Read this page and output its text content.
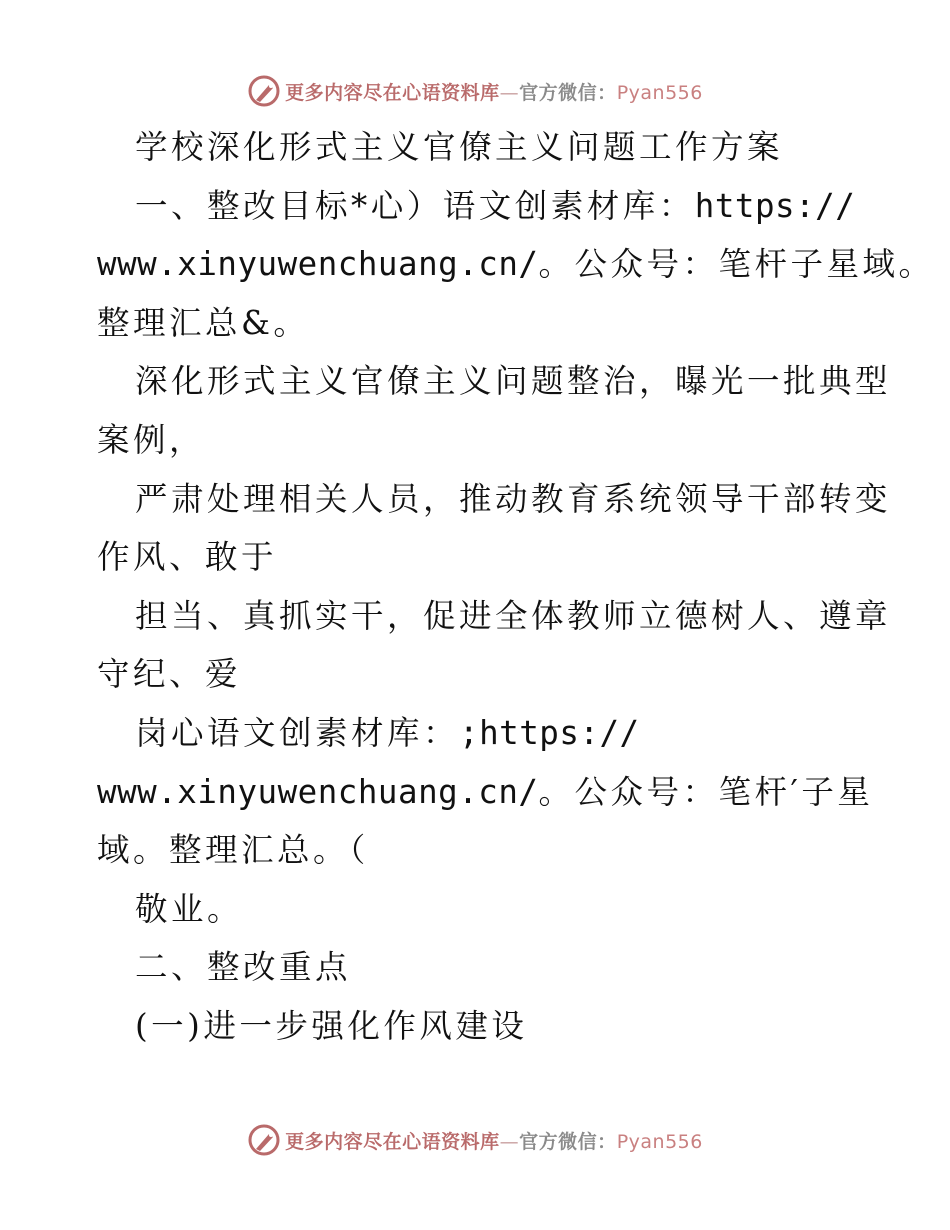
更多内容尽在心语资料库—官方微信：Pyan556
学校深化形式主义官僚主义问题工作方案
一、整改目标*心）语文创素材库：https://
www.xinyuwenchuang.cn/。公众号：笔杆子星域。
整理汇总&。
深化形式主义官僚主义问题整治，曝光一批典型
案例，
严肃处理相关人员，推动教育系统领导干部转变
作风、敢于
担当、真抓实干，促进全体教师立德树人、遵章
守纪、爱
岗心语文创素材库：;https://
www.xinyuwenchuang.cn/。公众号：笔杆′子星
域。整理汇总。（
敬业。
二、整改重点
(一)进一步强化作风建设
更多内容尽在心语资料库—官方微信：Pyan556
